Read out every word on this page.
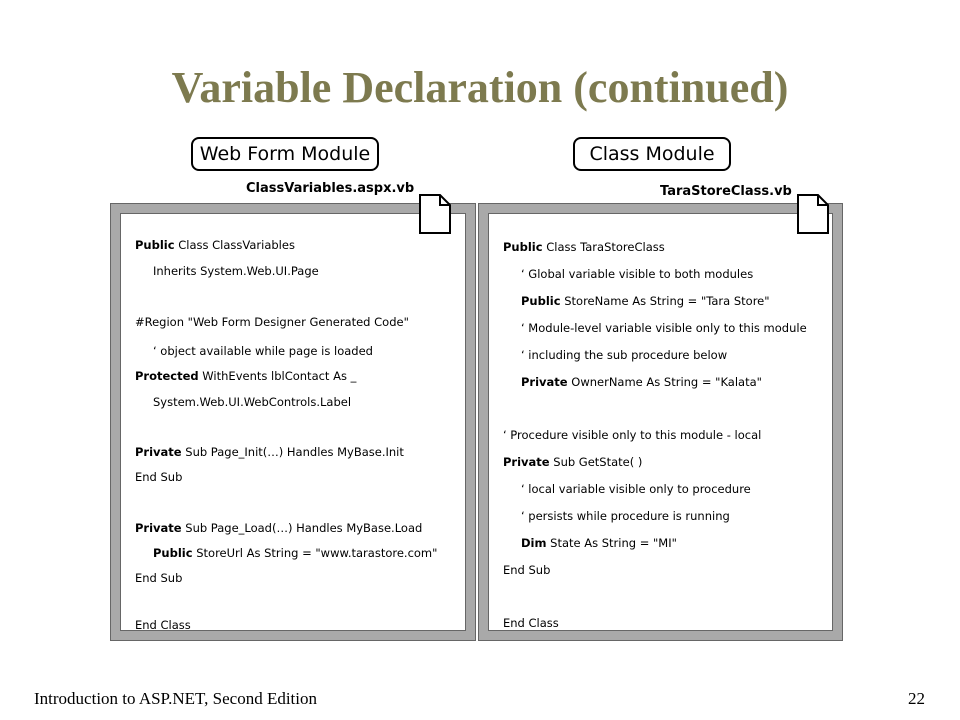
Variable Declaration (continued)
Web Form Module
ClassVariables.aspx.vb
Public Class ClassVariables
Inherits System.Web.UI.Page
#Region "Web Form Designer Generated Code"
‘ object available while page is loaded
Protected WithEvents lblContact As _
System.Web.UI.WebControls.Label
Private Sub Page_Init(…) Handles MyBase.Init
End Sub
Private Sub Page_Load(…) Handles MyBase.Load
Public StoreUrl As String = "www.tarastore.com"
End Sub
End Class
Class Module
TaraStoreClass.vb
Public Class TaraStoreClass
‘ Global variable visible to both modules
Public StoreName As String = "Tara Store"
‘ Module-level variable visible only to this module
‘ including the sub procedure below
Private OwnerName As String = "Kalata"
‘ Procedure visible only to this module - local
Private Sub GetState( )
‘ local variable visible only to procedure
‘ persists while procedure is running
Dim State As String = "MI"
End Sub
End Class
Introduction to ASP.NET, Second Edition	22
